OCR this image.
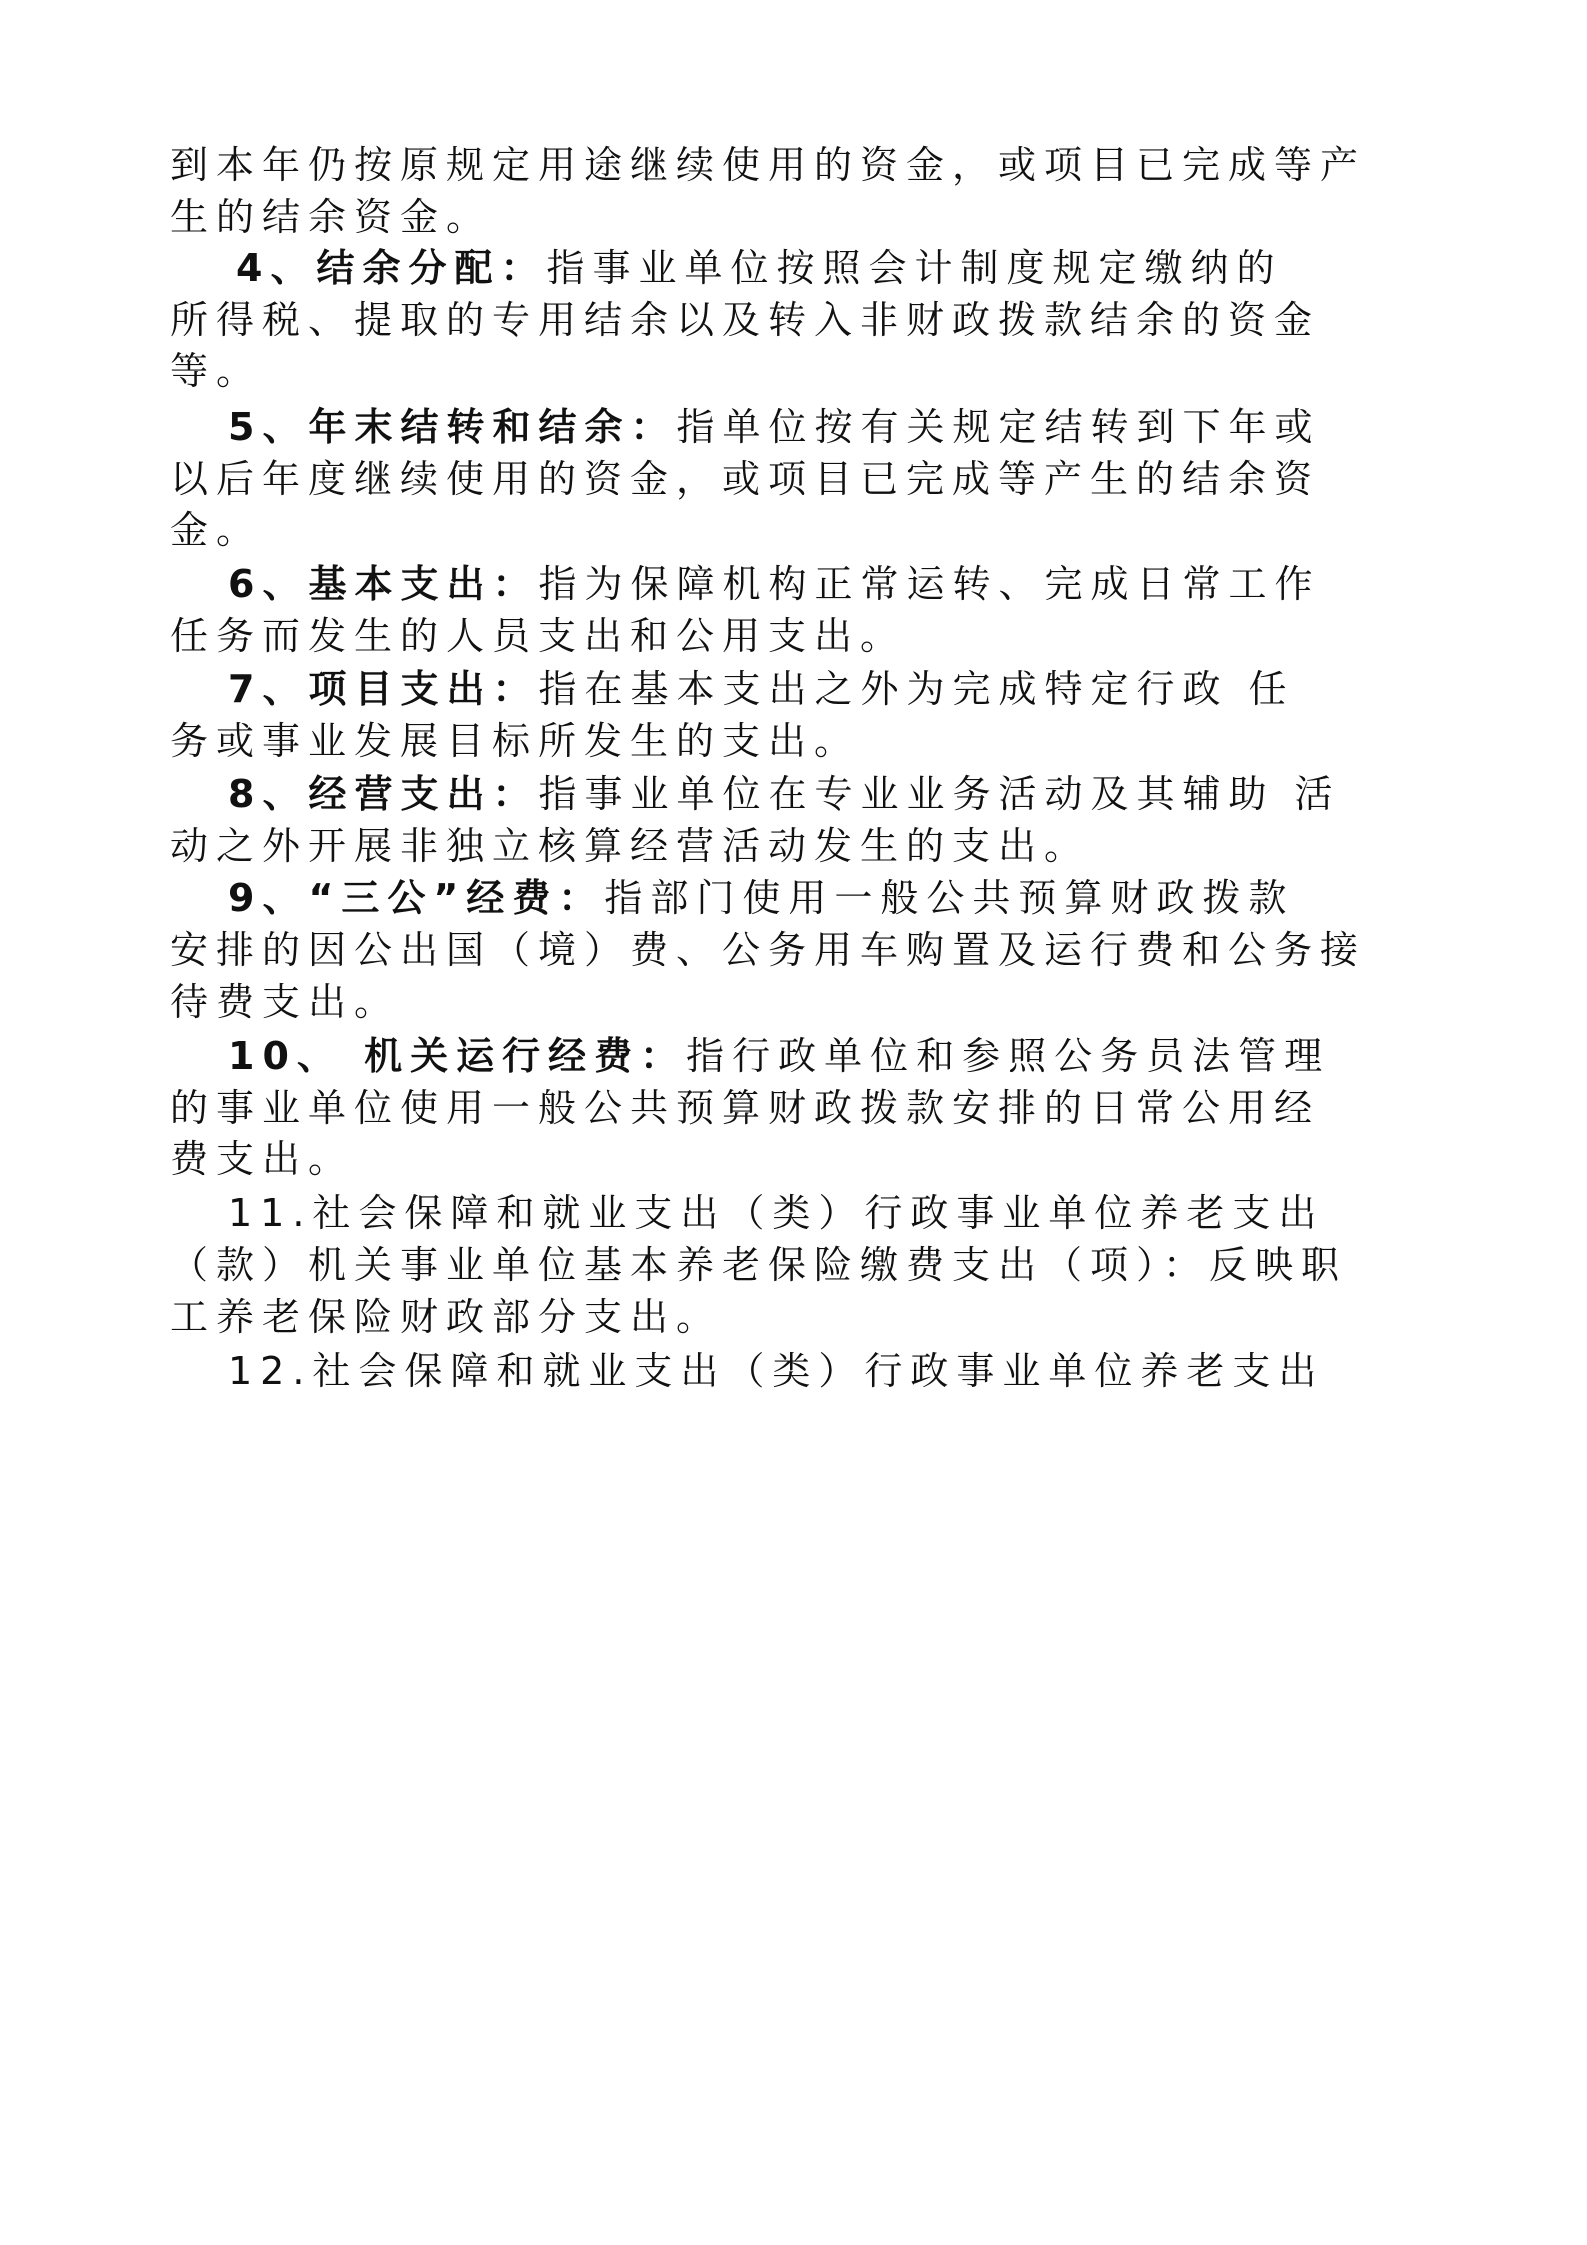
到本年仍按原规定用途继续使用的资金，或项目已完成等产
生的结余资金。
4、结余分配：指事业单位按照会计制度规定缴纳的
所得税、提取的专用结余以及转入非财政拨款结余的资金
等。
5、年末结转和结余：指单位按有关规定结转到下年或
以后年度继续使用的资金，或项目已完成等产生的结余资
金。
6、基本支出：指为保障机构正常运转、完成日常工作
任务而发生的人员支出和公用支出。
7、项目支出：指在基本支出之外为完成特定行政 任
务或事业发展目标所发生的支出。
8、经营支出：指事业单位在专业业务活动及其辅助 活
动之外开展非独立核算经营活动发生的支出。
9、“三公”经费：指部门使用一般公共预算财政拨款
安排的因公出国（境）费、公务用车购置及运行费和公务接
待费支出。
10、 机关运行经费：指行政单位和参照公务员法管理
的事业单位使用一般公共预算财政拨款安排的日常公用经
费支出。
11.社会保障和就业支出（类）行政事业单位养老支出
（款）机关事业单位基本养老保险缴费支出（项）：反映职
工养老保险财政部分支出。
12.社会保障和就业支出（类）行政事业单位养老支出
